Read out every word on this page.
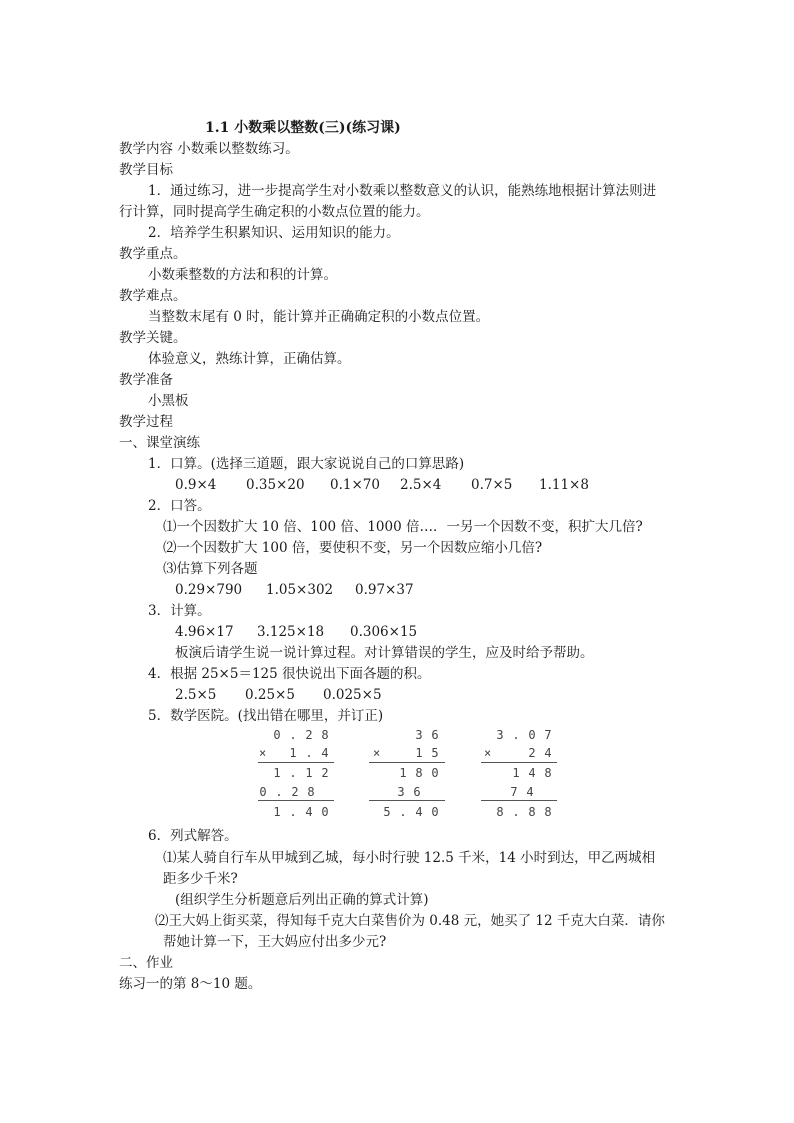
1.1 小数乘以整数(三)(练习课)
教学内容 小数乘以整数练习。
教学目标
1．通过练习，进一步提高学生对小数乘以整数意义的认识，能熟练地根据计算法则进
行计算，同时提高学生确定积的小数点位置的能力。
2．培养学生积累知识、运用知识的能力。
教学重点。
小数乘整数的方法和积的计算。
教学难点。
当整数末尾有 0 时，能计算并正确确定积的小数点位置。
教学关键。
体验意义，熟练计算，正确估算。
教学准备
小黑板
教学过程
一、课堂演练
1．口算。(选择三道题，跟大家说说自己的口算思路)
0.9×4 0.35×20 0.1×70 2.5×4 0.7×5 1.11×8
2．口答。
⑴一个因数扩大 10 倍、100 倍、1000 倍…．一另一个因数不变，积扩大几倍?
⑵一个因数扩大 100 倍，要使积不变，另一个因数应缩小几倍?
⑶估算下列各题
0.29×790 1.05×302 0.97×37
3．计算。
4.96×17 3.125×18 0.306×15
板演后请学生说一说计算过程。对计算错误的学生，应及时给予帮助。
4．根据 25×5＝125 很快说出下面各题的积。
2.5×5 0.25×5 0.025×5
5．数学医院。(找出错在哪里，并订正)
0 . 2 8
×	1 . 4
1 . 1 2
0 . 2 8
1 . 4 0
3 6
×	1 5
1 8 0
3 6
5 . 4 0
3 . 0 7
×	2 4
1 4 8
7 4
8 . 8 8
6．列式解答。
⑴某人骑自行车从甲城到乙城，每小时行驶 12.5 千米，14 小时到达，甲乙两城相
距多少千米?
(组织学生分析题意后列出正确的算式计算)
⑵王大妈上街买菜，得知每千克大白菜售价为 0.48 元，她买了 12 千克大白菜．请你
帮她计算一下，王大妈应付出多少元?
二、作业
练习一的第 8～10 题。
